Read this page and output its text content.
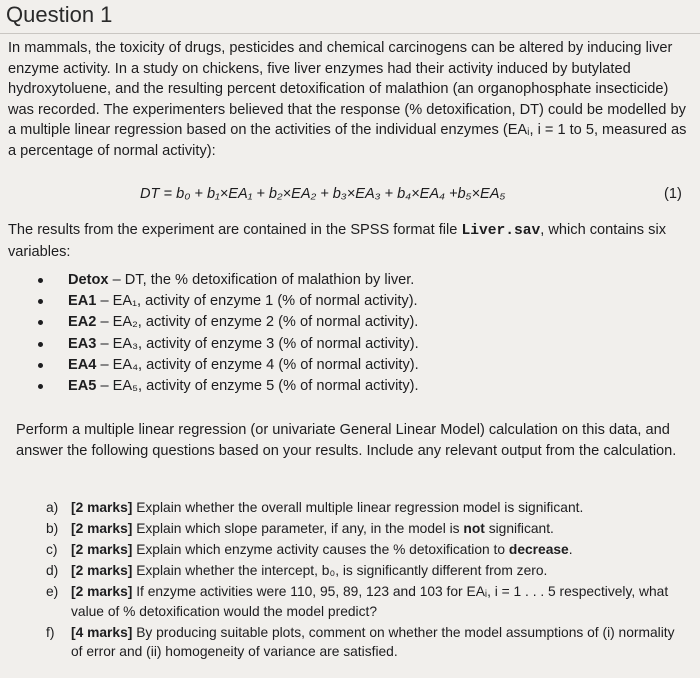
Question 1

In mammals, the toxicity of drugs, pesticides and chemical carcinogens can be altered by inducing liver enzyme activity. In a study on chickens, five liver enzymes had their activity induced by butylated hydroxytoluene, and the resulting percent detoxification of malathion (an organophosphate insecticide) was recorded. The experimenters believed that the response (% detoxification, DT) could be modelled by a multiple linear regression based on the activities of the individual enzymes (EAᵢ, i = 1 to 5, measured as a percentage of normal activity):

DT = b₀ + b₁×EA₁ + b₂×EA₂ + b₃×EA₃ + b₄×EA₄ +b₅×EA₅	(1)

The results from the experiment are contained in the SPSS format file Liver.sav, which contains six variables:

Detox – DT, the % detoxification of malathion by liver.
EA1 – EA₁, activity of enzyme 1 (% of normal activity).
EA2 – EA₂, activity of enzyme 2 (% of normal activity).
EA3 – EA₃, activity of enzyme 3 (% of normal activity).
EA4 – EA₄, activity of enzyme 4 (% of normal activity).
EA5 – EA₅, activity of enzyme 5 (% of normal activity).

Perform a multiple linear regression (or univariate General Linear Model) calculation on this data, and answer the following questions based on your results. Include any relevant output from the calculation.

a) [2 marks] Explain whether the overall multiple linear regression model is significant.
b) [2 marks] Explain which slope parameter, if any, in the model is not significant.
c) [2 marks] Explain which enzyme activity causes the % detoxification to decrease.
d) [2 marks] Explain whether the intercept, b₀, is significantly different from zero.
e) [2 marks] If enzyme activities were 110, 95, 89, 123 and 103 for EAᵢ, i = 1 . . . 5 respectively, what value of % detoxification would the model predict?
f) [4 marks] By producing suitable plots, comment on whether the model assumptions of (i) normality of error and (ii) homogeneity of variance are satisfied.
